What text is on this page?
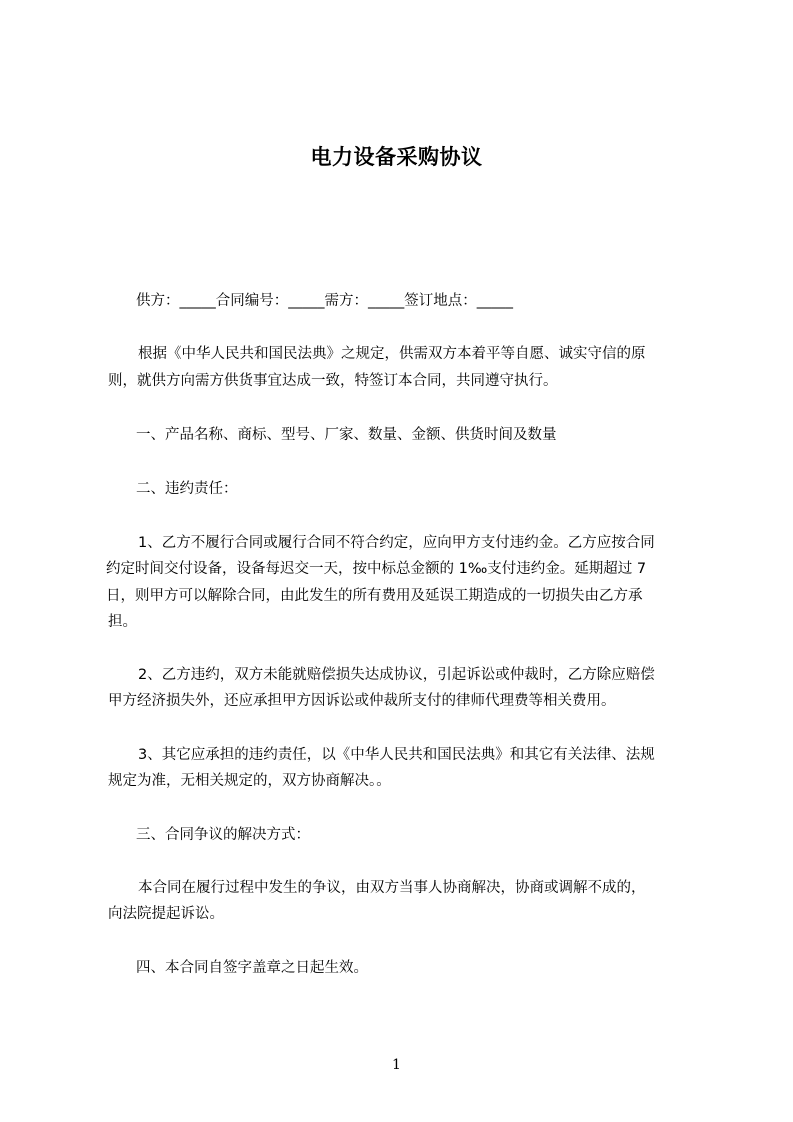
电力设备采购协议
供方：_____合同编号：_____需方：_____签订地点：_____
根据《中华人民共和国民法典》之规定，供需双方本着平等自愿、诚实守信的原
则，就供方向需方供货事宜达成一致，特签订本合同，共同遵守执行。
一、产品名称、商标、型号、厂家、数量、金额、供货时间及数量
二、违约责任：
1、乙方不履行合同或履行合同不符合约定，应向甲方支付违约金。乙方应按合同
约定时间交付设备，设备每迟交一天，按中标总金额的 1‰支付违约金。延期超过 7
日，则甲方可以解除合同，由此发生的所有费用及延误工期造成的一切损失由乙方承
担。
2、乙方违约，双方未能就赔偿损失达成协议，引起诉讼或仲裁时，乙方除应赔偿
甲方经济损失外，还应承担甲方因诉讼或仲裁所支付的律师代理费等相关费用。
3、其它应承担的违约责任，以《中华人民共和国民法典》和其它有关法律、法规
规定为准，无相关规定的，双方协商解决。。
三、合同争议的解决方式：
本合同在履行过程中发生的争议，由双方当事人协商解决，协商或调解不成的，
向法院提起诉讼。
四、本合同自签字盖章之日起生效。
1
